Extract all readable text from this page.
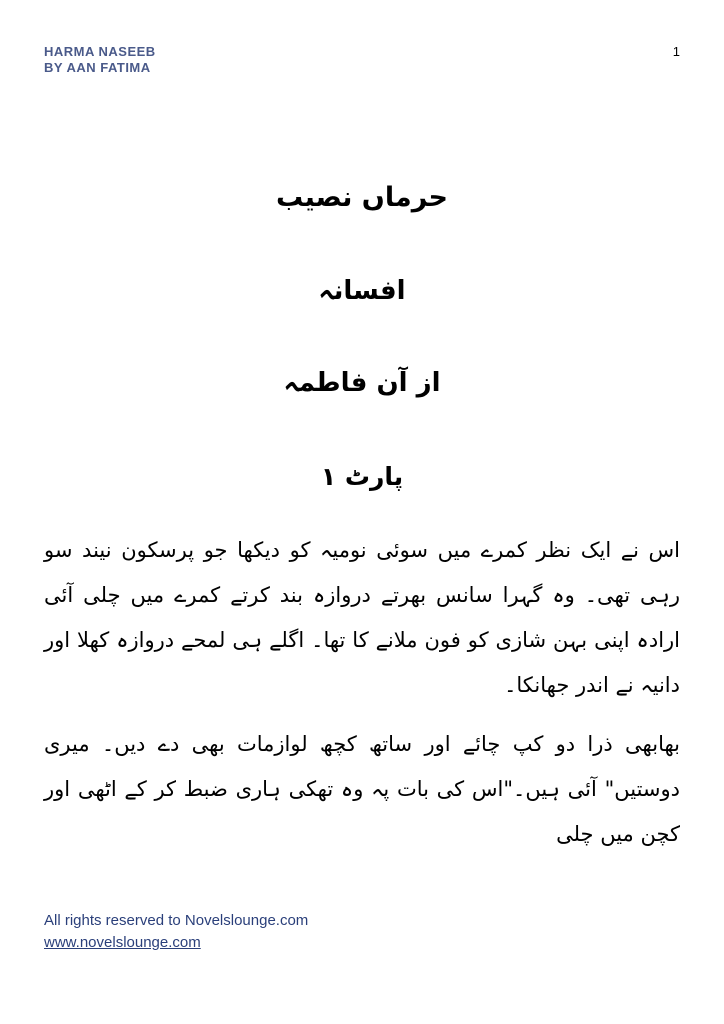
HARMA NASEEB
BY AAN FATIMA
1
حرماں نصیب
افسانہ
از آن فاطمہ
پارٹ ۱

اس نے ایک نظر کمرے میں سوئی نومیہ کو دیکھا جو پرسکون نیند سو رہی تھی۔ وہ گہرا سانس بھرتے دروازہ بند کرتے کمرے میں چلی آئی ارادہ اپنی بہن شازی کو فون ملانے کا تھا۔ اگلے ہی لمحے دروازہ کھلا اور دانیہ نے اندر جھانکا۔

بھابھی ذرا دو کپ چائے اور ساتھ کچھ لوازمات بھی دے دیں۔ میری دوستیں" آئی ہیں۔"اس کی بات پہ وہ تھکی ہاری ضبط کر کے اٹھی اور کچن میں چلی

All rights reserved to Novelslounge.com
www.novelslounge.com
